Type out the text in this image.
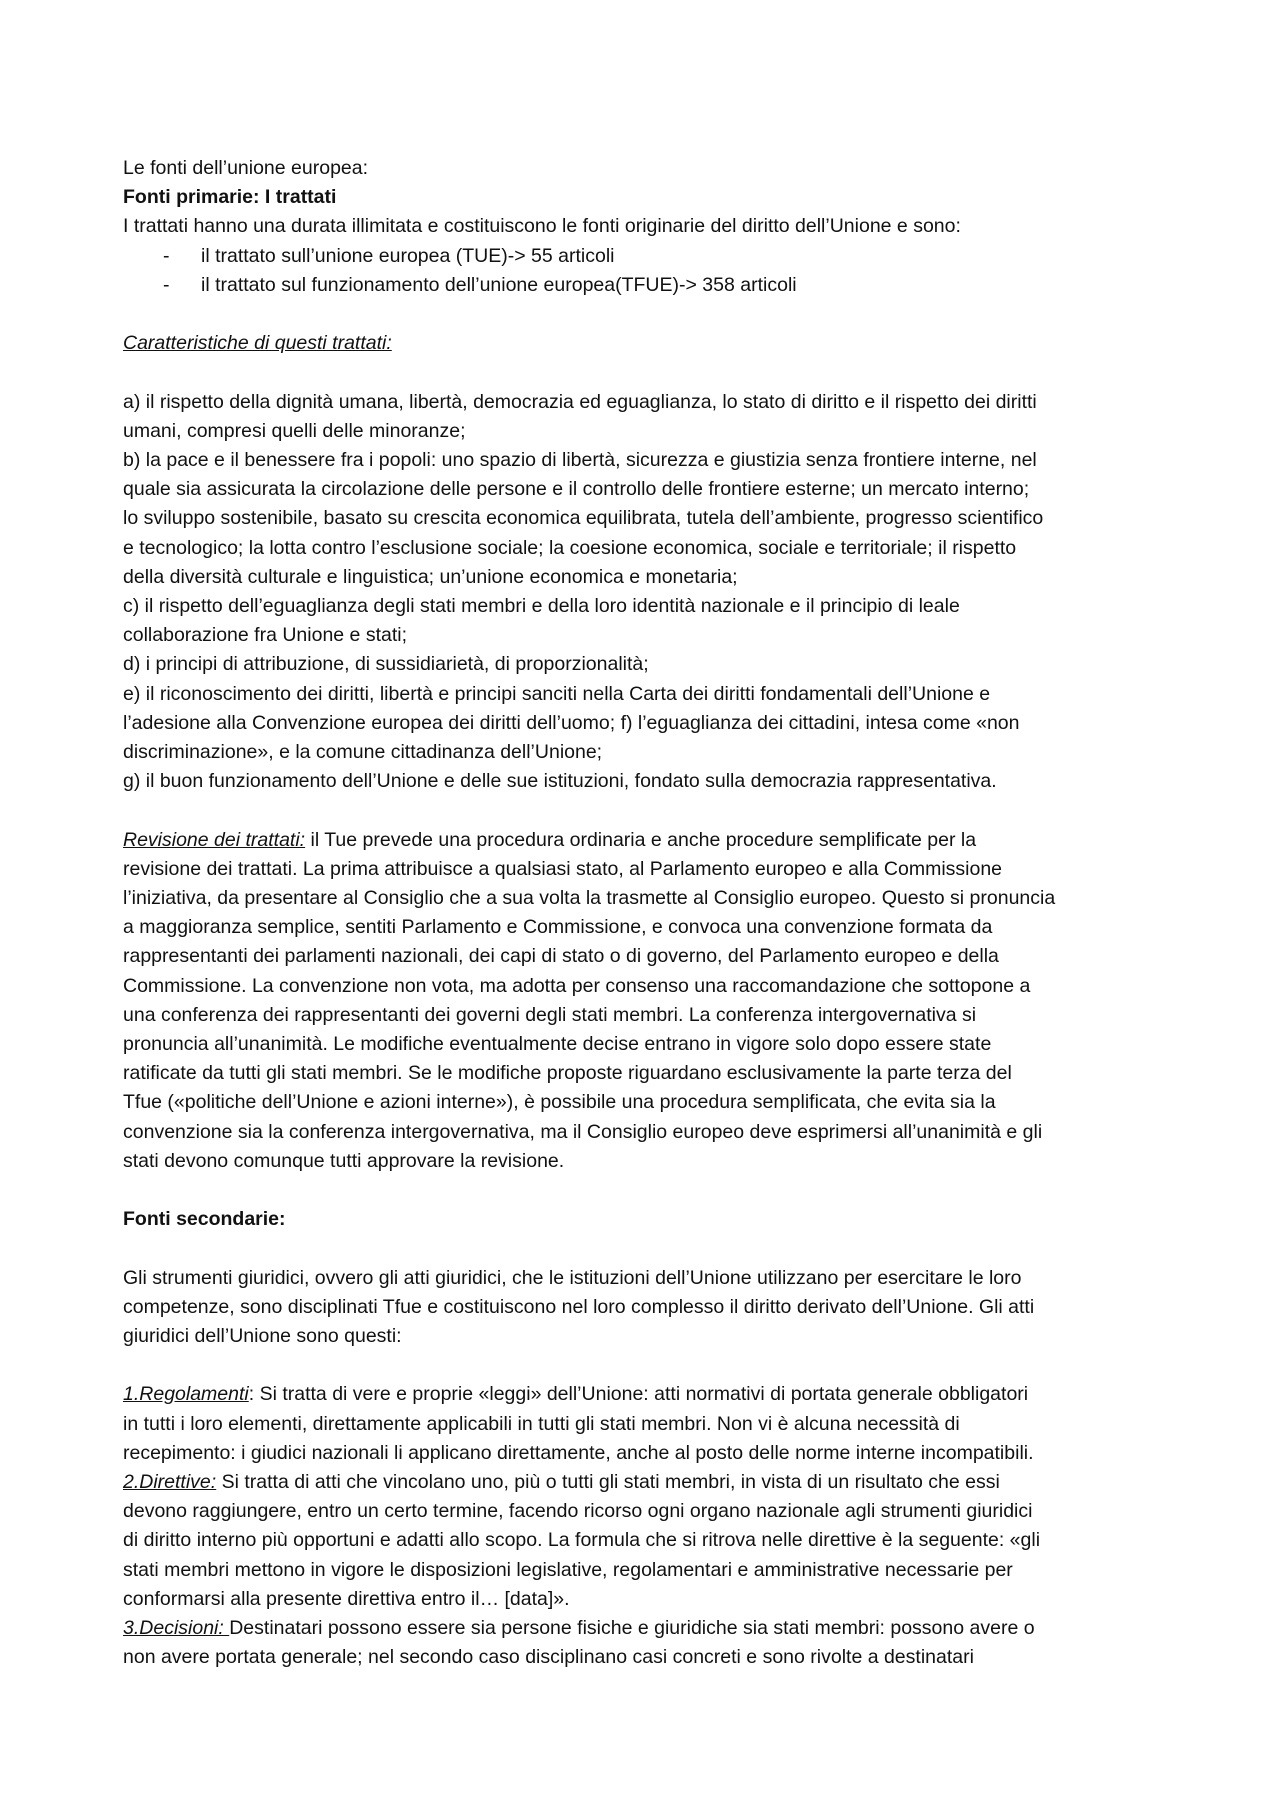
Le fonti dell’unione europea:
Fonti primarie: I trattati
I trattati hanno una durata illimitata e costituiscono le fonti originarie del diritto dell’Unione e sono:
- il trattato sull’unione europea (TUE)-> 55 articoli
- il trattato sul funzionamento dell’unione europea(TFUE)-> 358 articoli
Caratteristiche di questi trattati:
a) il rispetto della dignità umana, libertà, democrazia ed eguaglianza, lo stato di diritto e il rispetto dei diritti
umani, compresi quelli delle minoranze;
b) la pace e il benessere fra i popoli: uno spazio di libertà, sicurezza e giustizia senza frontiere interne, nel
quale sia assicurata la circolazione delle persone e il controllo delle frontiere esterne; un mercato interno;
lo sviluppo sostenibile, basato su crescita economica equilibrata, tutela dell’ambiente, progresso scientifico
e tecnologico; la lotta contro l’esclusione sociale; la coesione economica, sociale e territoriale; il rispetto
della diversità culturale e linguistica; un’unione economica e monetaria;
c) il rispetto dell’eguaglianza degli stati membri e della loro identità nazionale e il principio di leale
collaborazione fra Unione e stati;
d) i principi di attribuzione, di sussidiarietà, di proporzionalità;
e) il riconoscimento dei diritti, libertà e principi sanciti nella Carta dei diritti fondamentali dell’Unione e
l’adesione alla Convenzione europea dei diritti dell’uomo; f) l’eguaglianza dei cittadini, intesa come «non
discriminazione», e la comune cittadinanza dell’Unione;
g) il buon funzionamento dell’Unione e delle sue istituzioni, fondato sulla democrazia rappresentativa.
Revisione dei trattati: il Tue prevede una procedura ordinaria e anche procedure semplificate per la
revisione dei trattati. La prima attribuisce a qualsiasi stato, al Parlamento europeo e alla Commissione
l’iniziativa, da presentare al Consiglio che a sua volta la trasmette al Consiglio europeo. Questo si pronuncia
a maggioranza semplice, sentiti Parlamento e Commissione, e convoca una convenzione formata da
rappresentanti dei parlamenti nazionali, dei capi di stato o di governo, del Parlamento europeo e della
Commissione. La convenzione non vota, ma adotta per consenso una raccomandazione che sottopone a
una conferenza dei rappresentanti dei governi degli stati membri. La conferenza intergovernativa si
pronuncia all’unanimità. Le modifiche eventualmente decise entrano in vigore solo dopo essere state
ratificate da tutti gli stati membri. Se le modifiche proposte riguardano esclusivamente la parte terza del
Tfue («politiche dell’Unione e azioni interne»), è possibile una procedura semplificata, che evita sia la
convenzione sia la conferenza intergovernativa, ma il Consiglio europeo deve esprimersi all’unanimità e gli
stati devono comunque tutti approvare la revisione.
Fonti secondarie:
Gli strumenti giuridici, ovvero gli atti giuridici, che le istituzioni dell’Unione utilizzano per esercitare le loro
competenze, sono disciplinati Tfue e costituiscono nel loro complesso il diritto derivato dell’Unione. Gli atti
giuridici dell’Unione sono questi:
1.Regolamenti: Si tratta di vere e proprie «leggi» dell’Unione: atti normativi di portata generale obbligatori
in tutti i loro elementi, direttamente applicabili in tutti gli stati membri. Non vi è alcuna necessità di
recepimento: i giudici nazionali li applicano direttamente, anche al posto delle norme interne incompatibili.
2.Direttive: Si tratta di atti che vincolano uno, più o tutti gli stati membri, in vista di un risultato che essi
devono raggiungere, entro un certo termine, facendo ricorso ogni organo nazionale agli strumenti giuridici
di diritto interno più opportuni e adatti allo scopo. La formula che si ritrova nelle direttive è la seguente: «gli
stati membri mettono in vigore le disposizioni legislative, regolamentari e amministrative necessarie per
conformarsi alla presente direttiva entro il… [data]».
3.Decisioni: Destinatari possono essere sia persone fisiche e giuridiche sia stati membri: possono avere o
non avere portata generale; nel secondo caso disciplinano casi concreti e sono rivolte a destinatari
